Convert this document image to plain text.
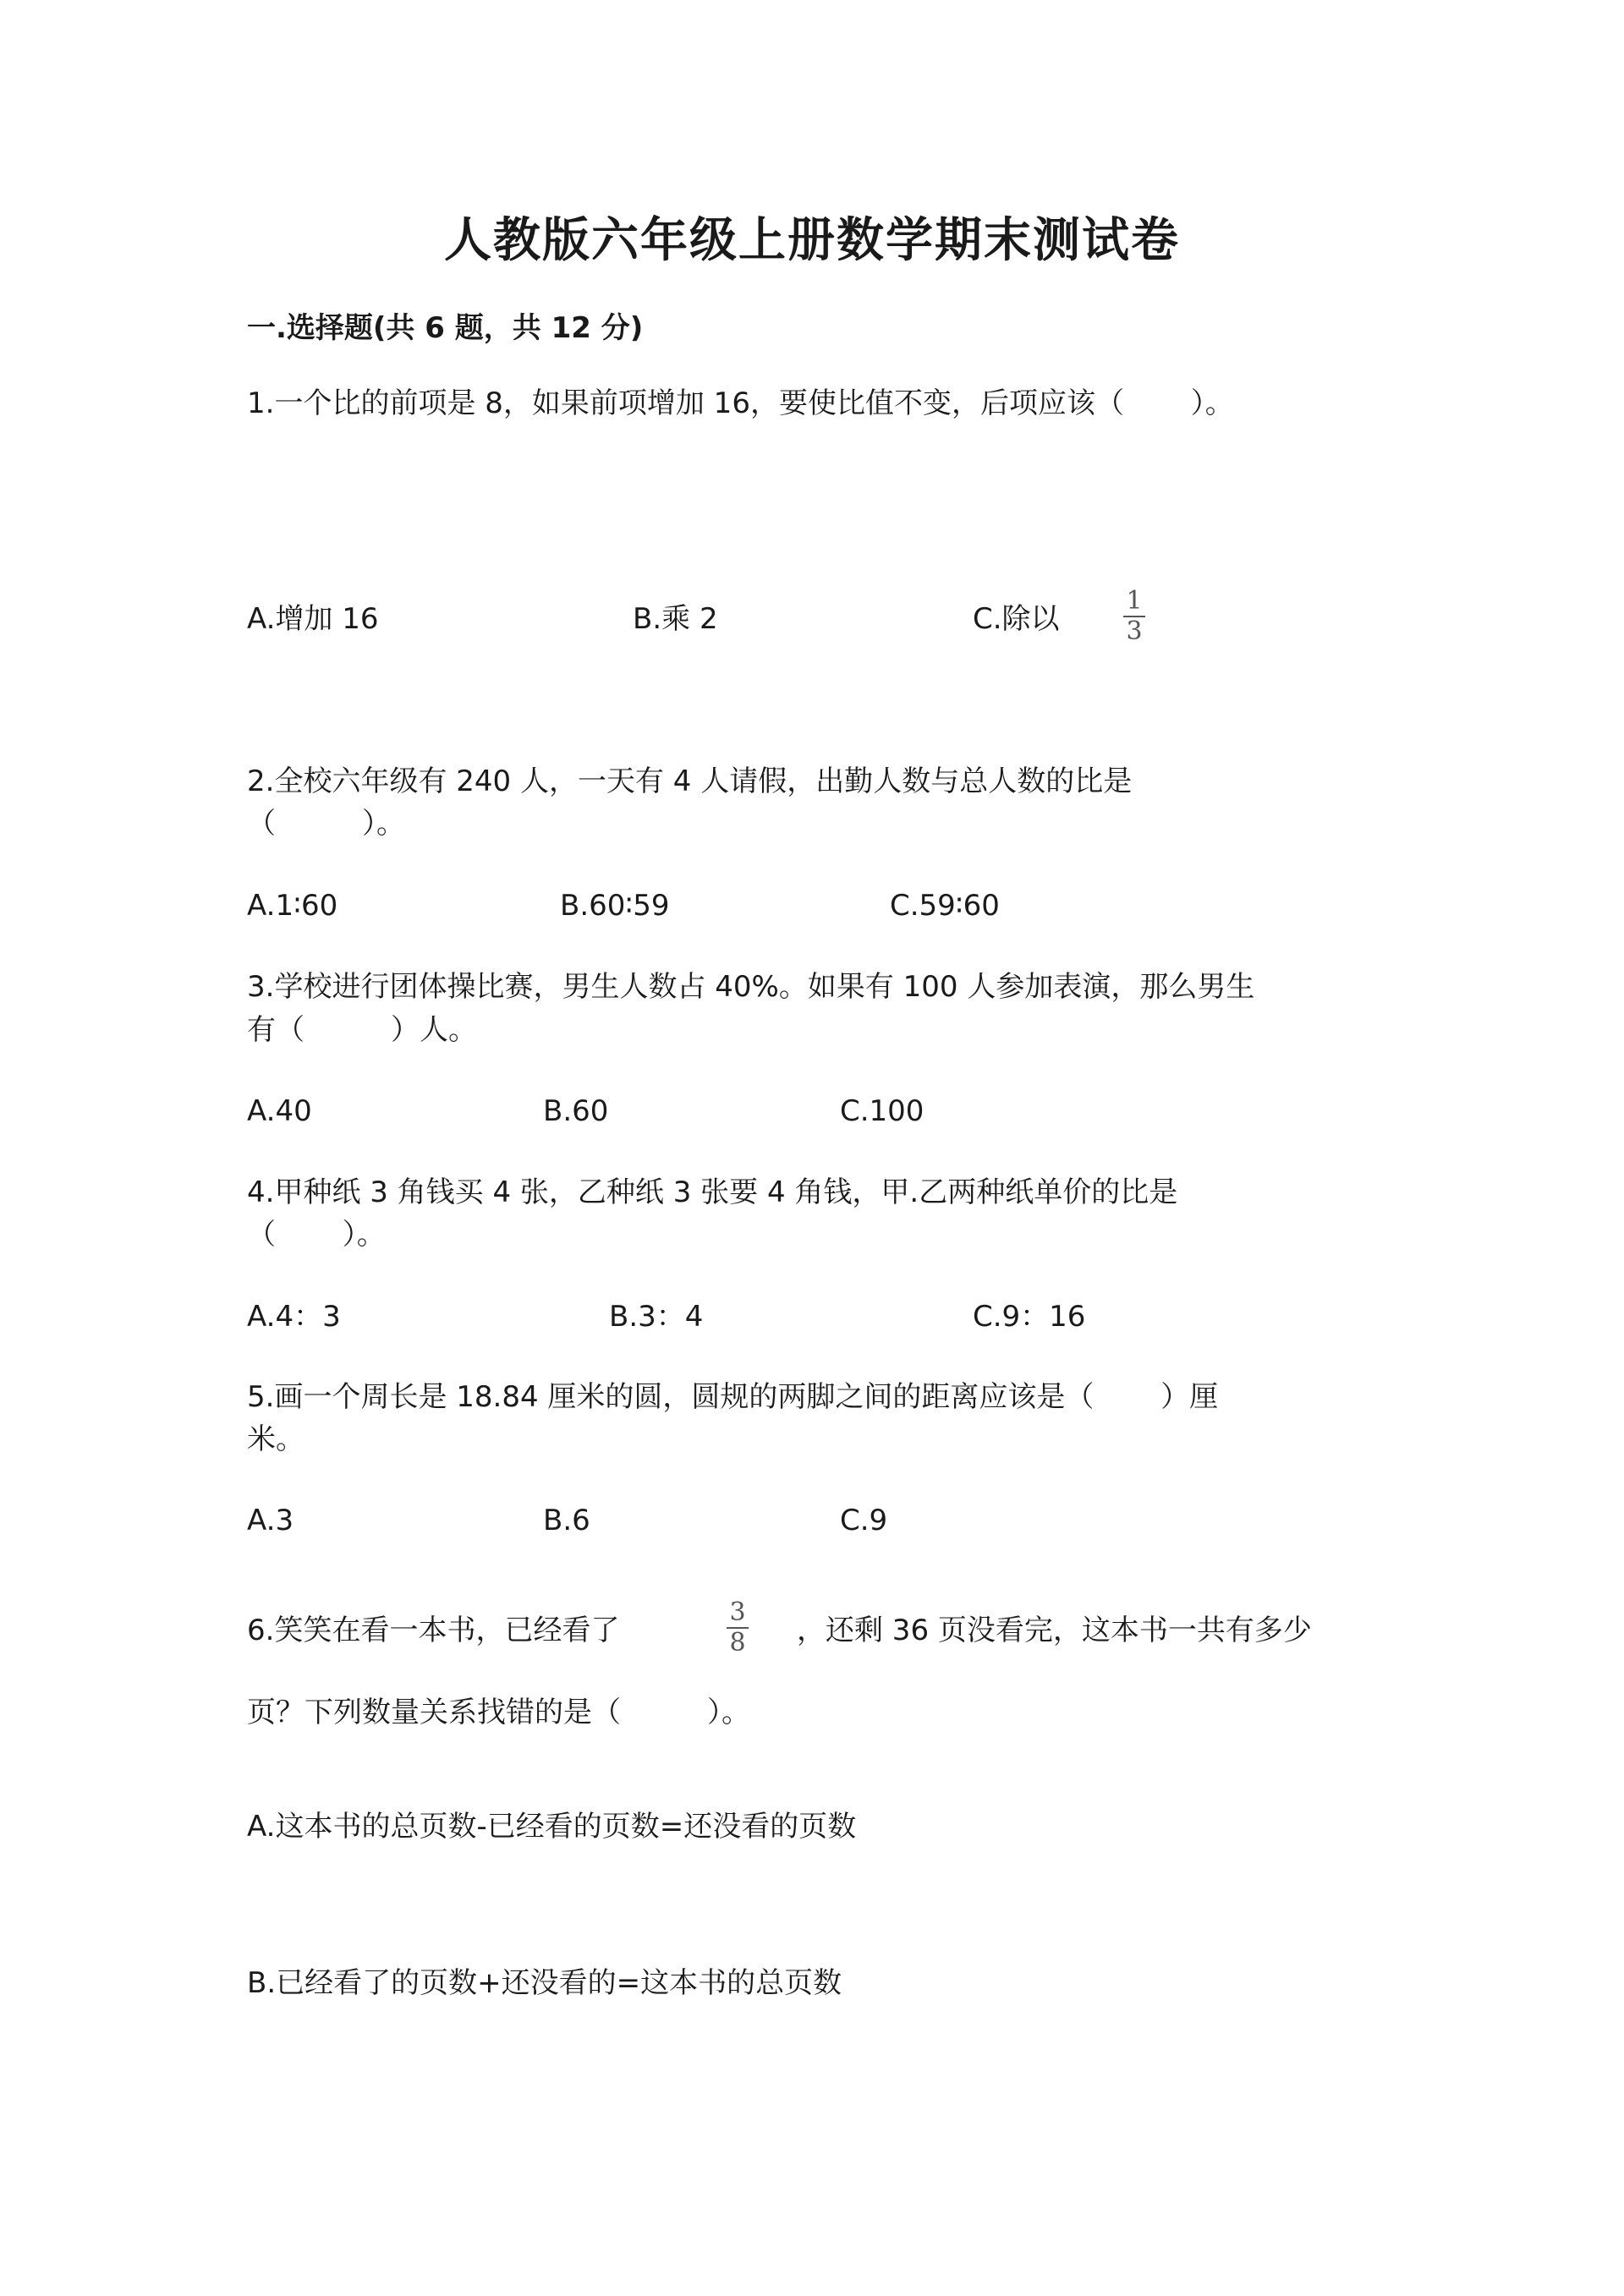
人教版六年级上册数学期末测试卷
一.选择题(共 6 题，共 12 分)
1.一个比的前项是 8，如果前项增加 16，要使比值不变，后项应该（　　 ）。
A.增加 16	B.乘 2	C.除以
1
3
2.全校六年级有 240 人，一天有 4 人请假，出勤人数与总人数的比是
（　　　）。
A.1∶60	B.60∶59	C.59∶60
3.学校进行团体操比赛，男生人数占 40%。如果有 100 人参加表演，那么男生
有（　　　）人。
A.40	B.60	C.100
4.甲种纸 3 角钱买 4 张，乙种纸 3 张要 4 角钱，甲.乙两种纸单价的比是
（　　 ）。
A.4：3	B.3：4	C.9：16
5.画一个周长是 18.84 厘米的圆，圆规的两脚之间的距离应该是（　　 ）厘
米。
A.3	B.6	C.9
6.笑笑在看一本书，已经看了
3
8	，还剩 36 页没看完，这本书一共有多少
页？下列数量关系找错的是（　　　）。
A.这本书的总页数-已经看的页数=还没看的页数
B.已经看了的页数+还没看的=这本书的总页数
